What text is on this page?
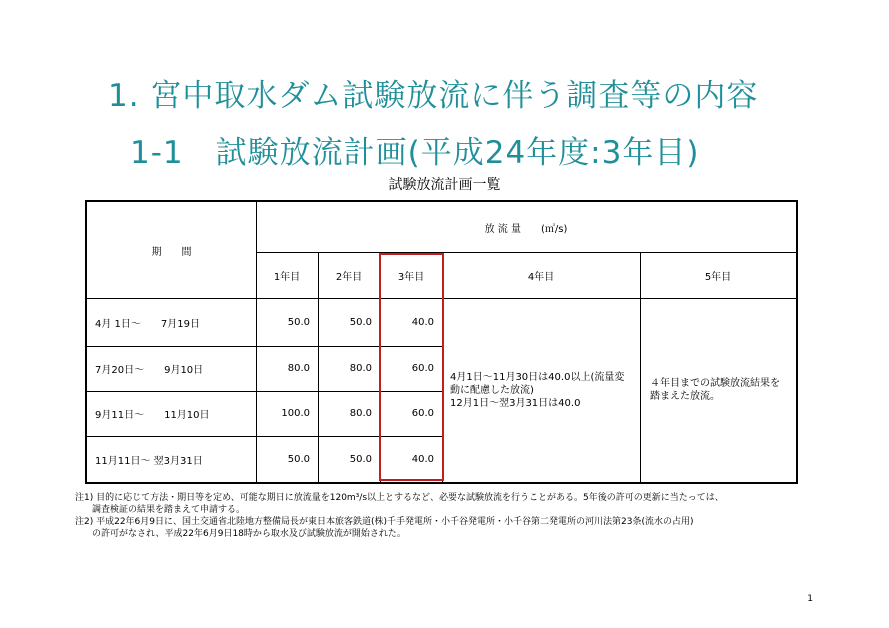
1. 宮中取水ダム試験放流に伴う調査等の内容
1-1　試験放流計画(平成24年度:3年目)
試験放流計画一覧
期　　間
放 流 量　　(㎥/s)
1年目	2年目	3年目	4年目	5年目
4月 1日〜　　7月19日	50.0	50.0	40.0
7月20日〜　　9月10日	80.0	80.0	60.0
9月11日〜　　11月10日	100.0	80.0	60.0
11月11日〜 翌3月31日	50.0	50.0	40.0
4月1日〜11月30日は40.0以上(流量変動に配慮した放流)
12月1日〜翌3月31日は40.0
４年目までの試験放流結果を踏まえた放流。
注1) 目的に応じて方法・期日等を定め、可能な期日に放流量を120m³/s以上とするなど、必要な試験放流を行うことがある。5年後の許可の更新に当たっては、
調査検証の結果を踏まえて申請する。
注2) 平成22年6月9日に、国土交通省北陸地方整備局長が東日本旅客鉄道(株)千手発電所・小千谷発電所・小千谷第二発電所の河川法第23条(流水の占用)
の許可がなされ、平成22年6月9日18時から取水及び試験放流が開始された。
1
